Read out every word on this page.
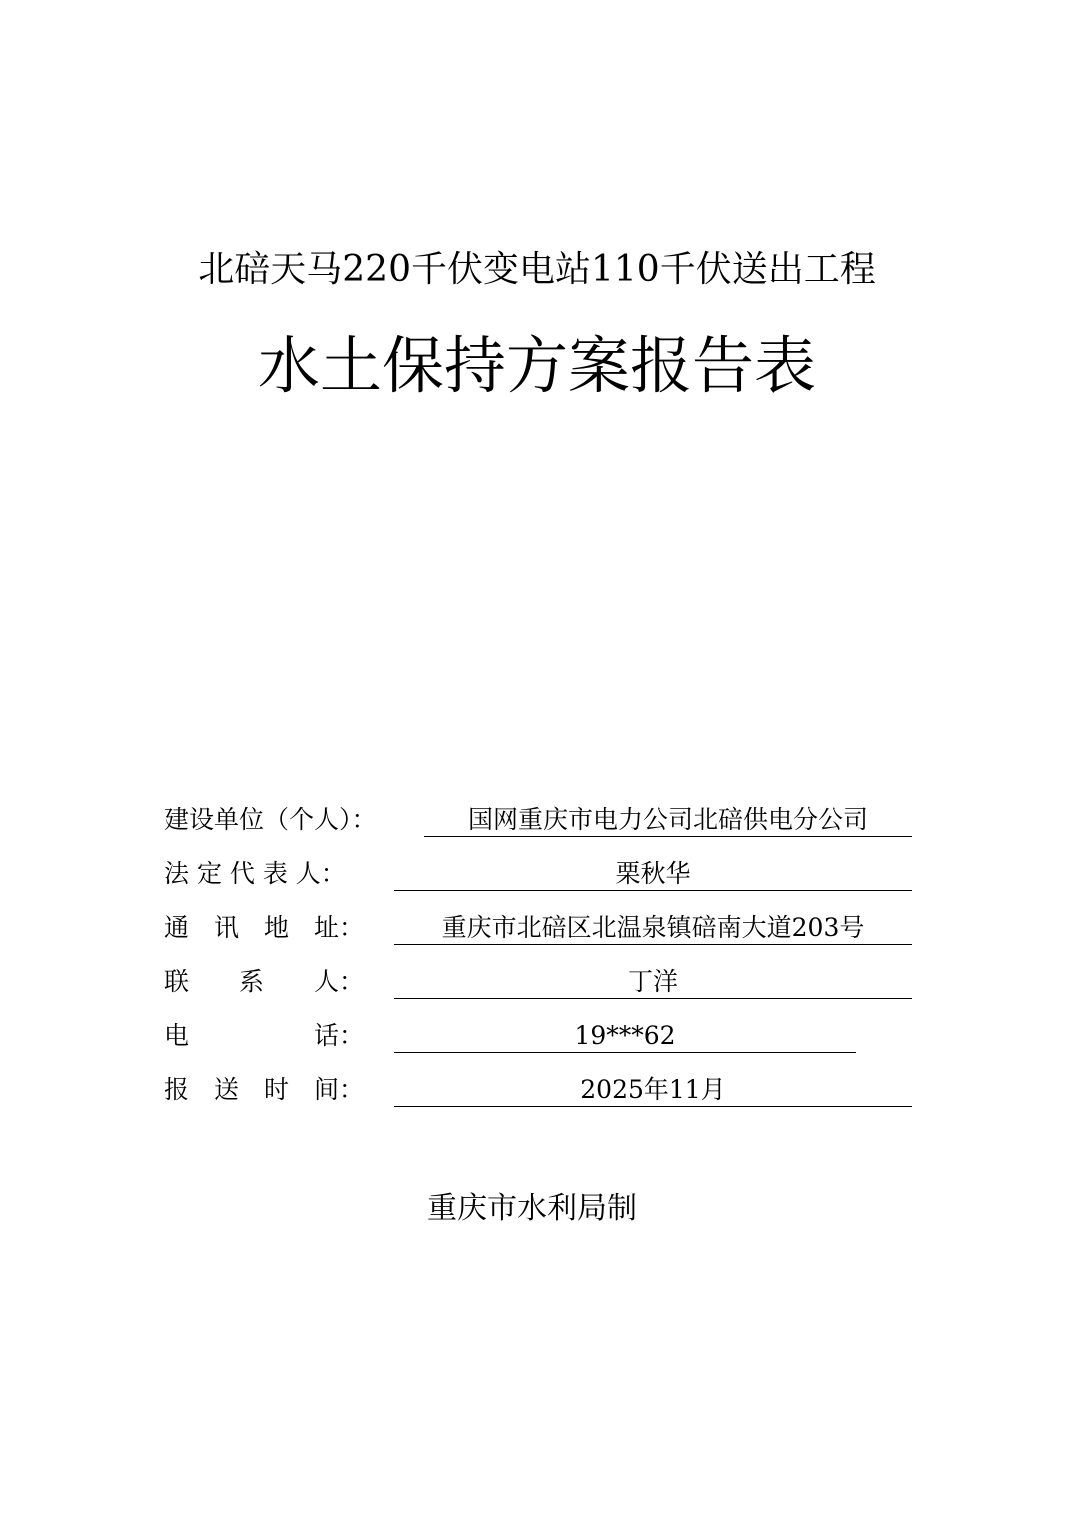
北碚天马220千伏变电站110千伏送出工程
水土保持方案报告表
建设单位（个人）：	国网重庆市电力公司北碚供电分公司
法 定 代 表 人：	栗秋华
通　讯　地　址：	重庆市北碚区北温泉镇碚南大道203号
联　　系　　人：	丁洋
电　　　　　话：	19***62
报　送　时　间：	2025年11月
重庆市水利局制
